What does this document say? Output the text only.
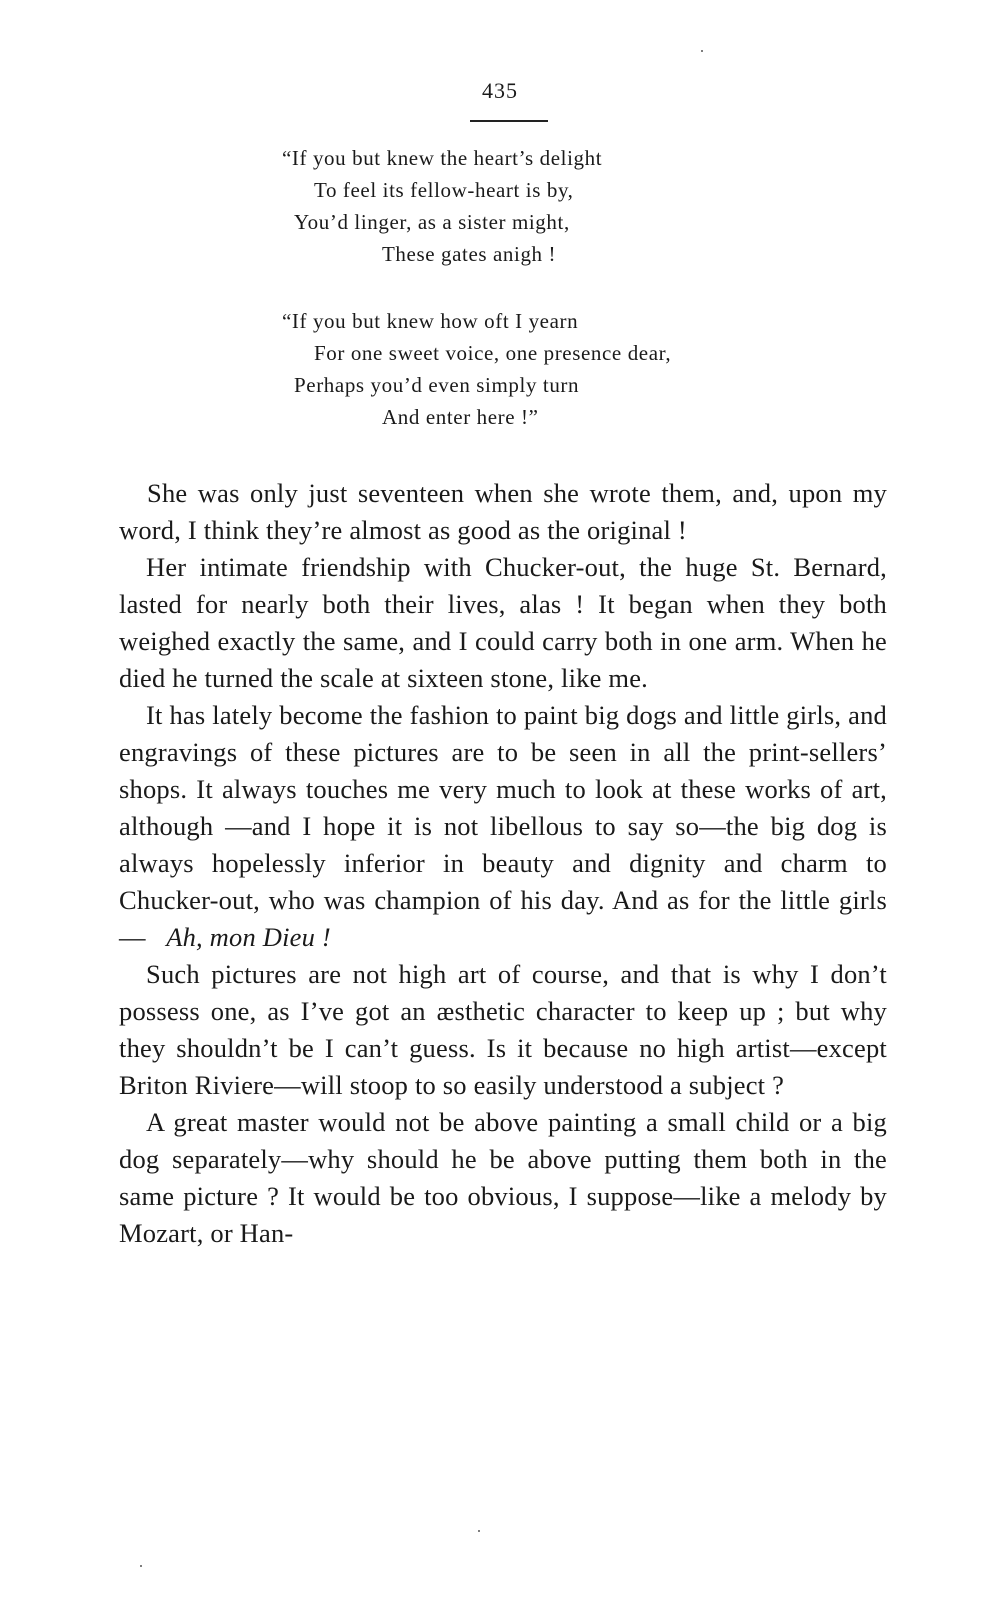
435
“If you but knew the heart’s delight
To feel its fellow-heart is by,
You’d linger, as a sister might,
These gates anigh !
“If you but knew how oft I yearn
For one sweet voice, one presence dear,
Perhaps you’d even simply turn
And enter here !”

She was only just seventeen when she wrote them, and, upon my word, I think they’re almost as good as the original !

Her intimate friendship with Chucker-out, the huge St. Bernard, lasted for nearly both their lives, alas ! It began when they both weighed exactly the same, and I could carry both in one arm. When he died he turned the scale at sixteen stone, like me.

It has lately become the fashion to paint big dogs and little girls, and engravings of these pictures are to be seen in all the print-sellers’ shops. It always touches me very much to look at these works of art, although —and I hope it is not libellous to say so—the big dog is always hopelessly inferior in beauty and dignity and charm to Chucker-out, who was champion of his day. And as for the little girls— Ah, mon Dieu !

Such pictures are not high art of course, and that is why I don’t possess one, as I’ve got an æsthetic character to keep up ; but why they shouldn’t be I can’t guess. Is it because no high artist—except Briton Riviere—will stoop to so easily understood a subject ?

A great master would not be above painting a small child or a big dog separately—why should he be above putting them both in the same picture ? It would be too obvious, I suppose—like a melody by Mozart, or Han-
